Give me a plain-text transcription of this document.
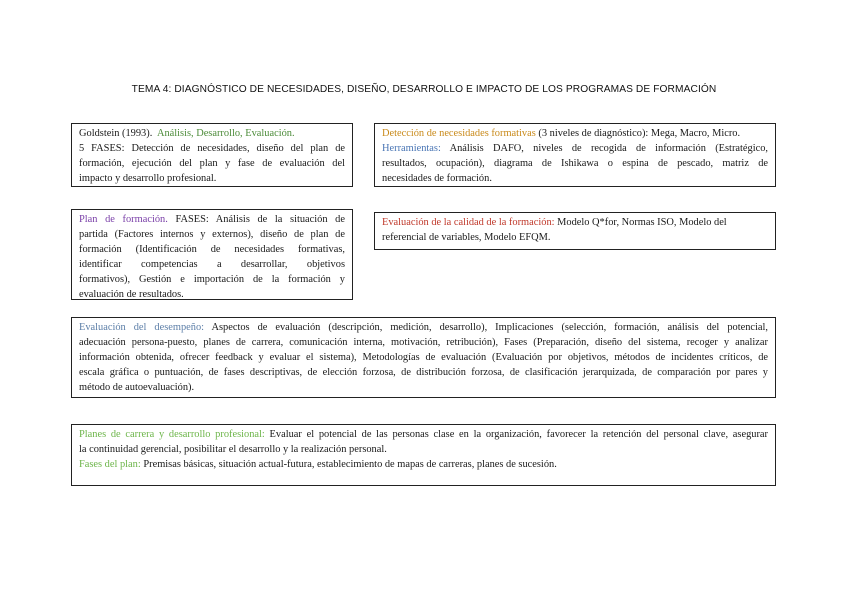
TEMA 4: DIAGNÓSTICO DE NECESIDADES, DISEÑO, DESARROLLO E IMPACTO DE LOS PROGRAMAS DE FORMACIÓN
Goldstein (1993). Análisis, Desarrollo, Evaluación.
5 FASES: Detección de necesidades, diseño del plan de
formación, ejecución del plan y fase de evaluación del
impacto y desarrollo profesional.
Detección de necesidades formativas (3 niveles de diagnóstico): Mega, Macro, Micro.
Herramientas: Análisis DAFO, niveles de recogida de información (Estratégico,
resultados, ocupación), diagrama de Ishikawa o espina de pescado, matriz de
necesidades de formación.
Plan de formación. FASES: Análisis de la situación de
partida (Factores internos y externos), diseño de plan de
formación (Identificación de necesidades formativas,
identificar competencias a desarrollar, objetivos
formativos), Gestión e importación de la formación y
evaluación de resultados.
Evaluación de la calidad de la formación: Modelo Q*for, Normas ISO, Modelo del
referencial de variables, Modelo EFQM.
Evaluación del desempeño: Aspectos de evaluación (descripción, medición, desarrollo), Implicaciones (selección, formación, análisis del potencial,
adecuación persona-puesto, planes de carrera, comunicación interna, motivación, retribución), Fases (Preparación, diseño del sistema, recoger y analizar
información obtenida, ofrecer feedback y evaluar el sistema), Metodologías de evaluación (Evaluación por objetivos, métodos de incidentes críticos, de
escala gráfica o puntuación, de fases descriptivas, de elección forzosa, de distribución forzosa, de clasificación jerarquizada, de comparación por pares y
método de autoevaluación).
Planes de carrera y desarrollo profesional: Evaluar el potencial de las personas clase en la organización, favorecer la retención del personal clave, asegurar
la continuidad gerencial, posibilitar el desarrollo y la realización personal.
Fases del plan: Premisas básicas, situación actual-futura, establecimiento de mapas de carreras, planes de sucesión.
